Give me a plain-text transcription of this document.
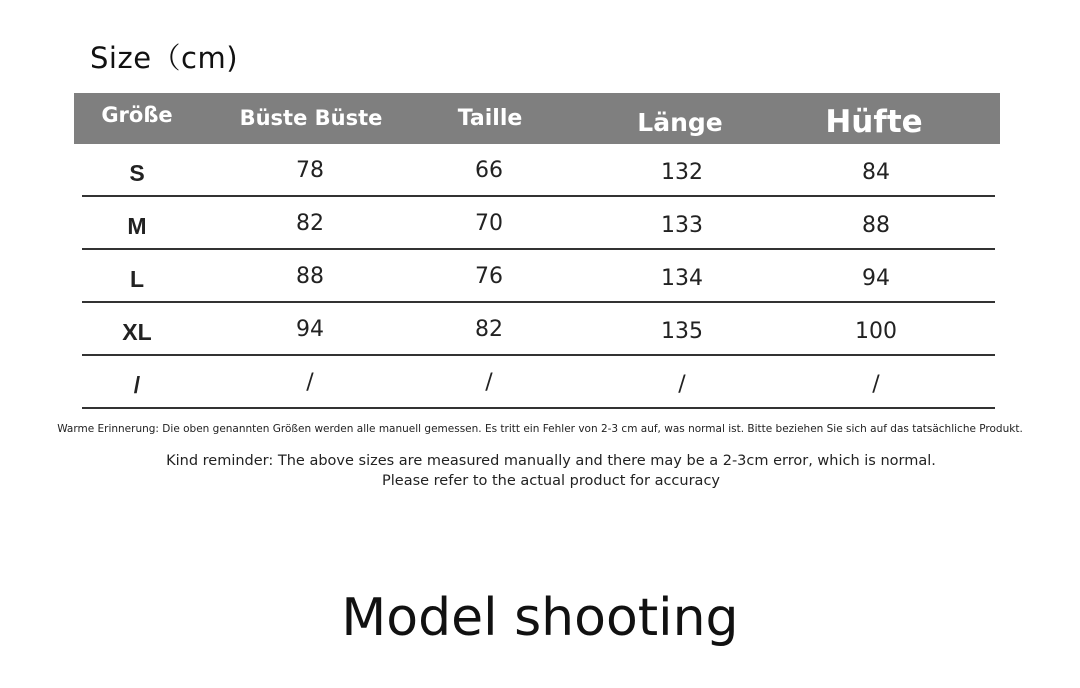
Size（cm)
Größe	Büste Büste	Taille	Länge	Hüfte
S	78	66	132	84
M	82	70	133	88
L	88	76	134	94
XL	94	82	135	100
/	/	/	/	/
Warme Erinnerung: Die oben genannten Größen werden alle manuell gemessen. Es tritt ein Fehler von 2-3 cm auf, was normal ist. Bitte beziehen Sie sich auf das tatsächliche Produkt.
Kind reminder: The above sizes are measured manually and there may be a 2-3cm error, which is normal.
Please refer to the actual product for accuracy
Model shooting
